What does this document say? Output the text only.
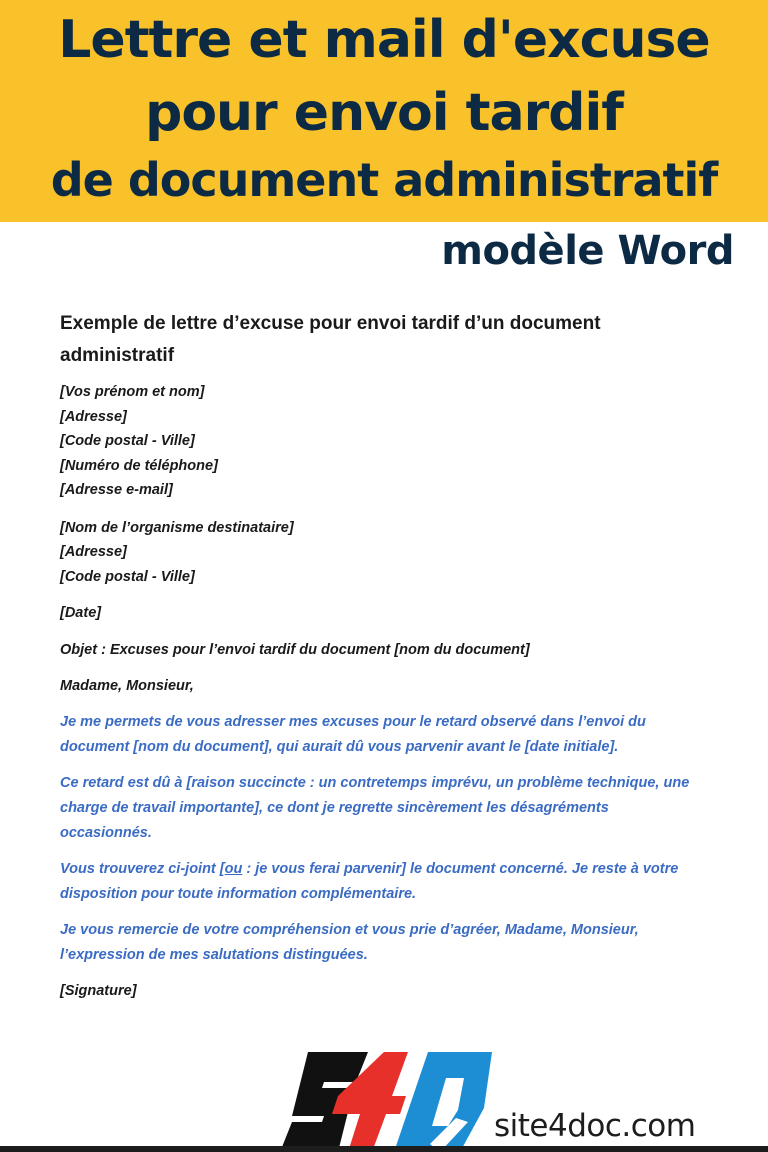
Lettre et mail d'excuse
pour envoi tardif
de document administratif
modèle Word
Exemple de lettre d’excuse pour envoi tardif d’un document
administratif
[Vos prénom et nom]
[Adresse]
[Code postal - Ville]
[Numéro de téléphone]
[Adresse e-mail]
[Nom de l’organisme destinataire]
[Adresse]
[Code postal - Ville]
[Date]
Objet : Excuses pour l’envoi tardif du document [nom du document]
Madame, Monsieur,
Je me permets de vous adresser mes excuses pour le retard observé dans l’envoi du
document [nom du document], qui aurait dû vous parvenir avant le [date initiale].
Ce retard est dû à [raison succincte : un contretemps imprévu, un problème technique, une
charge de travail importante], ce dont je regrette sincèrement les désagréments
occasionnés.
Vous trouverez ci-joint [ou : je vous ferai parvenir] le document concerné. Je reste à votre
disposition pour toute information complémentaire.
Je vous remercie de votre compréhension et vous prie d’agréer, Madame, Monsieur,
l’expression de mes salutations distinguées.
[Signature]
site4doc.com
